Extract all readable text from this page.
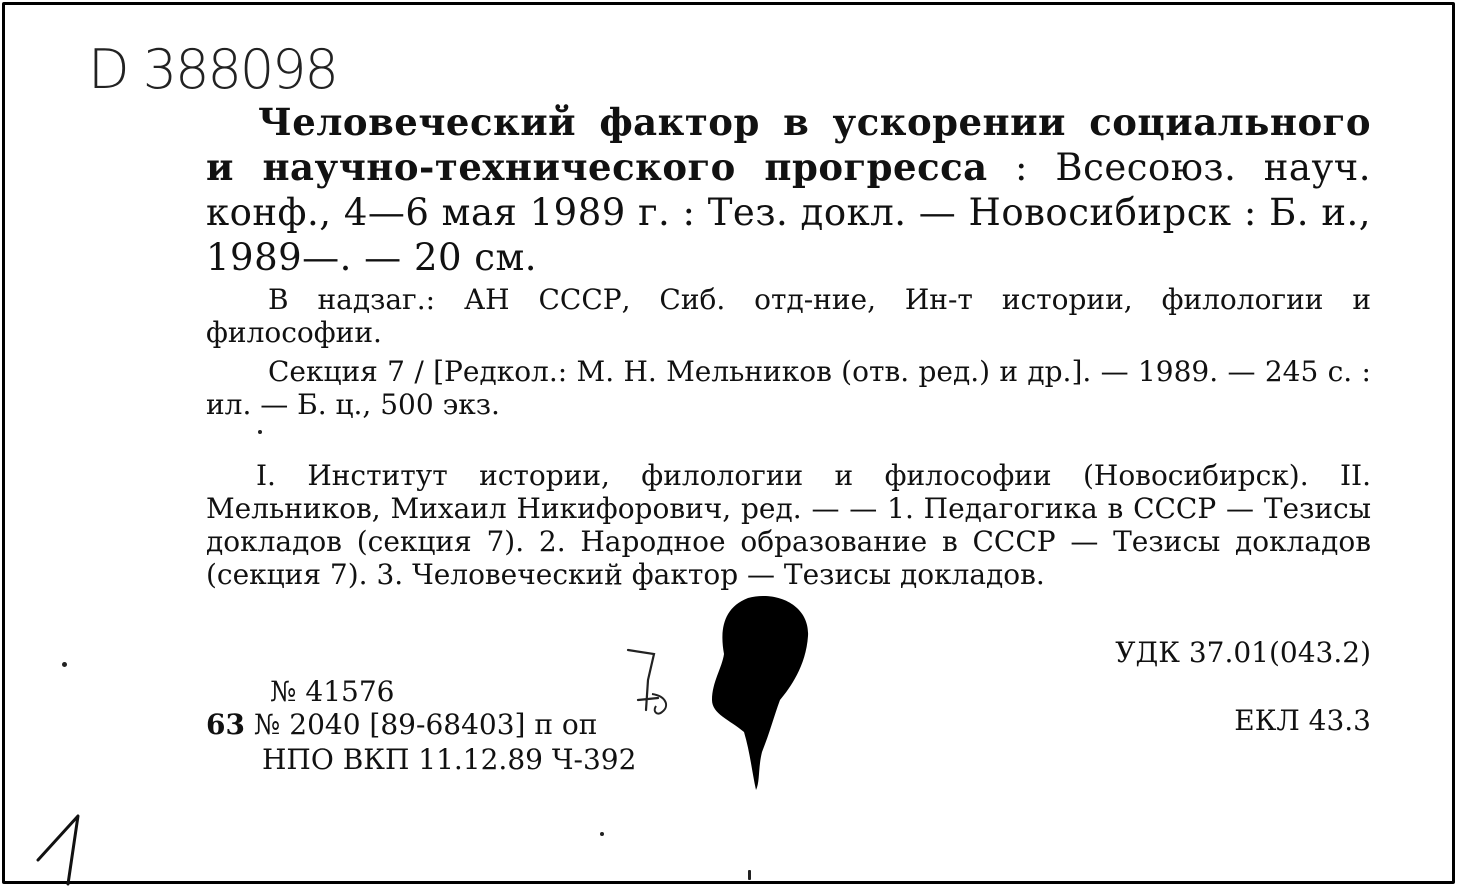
D 388098
Человеческий фактор в ускорении социального и научно-технического прогресса : Всесоюз. науч. конф., 4—6 мая 1989 г. : Тез. докл. — Новосибирск : Б. и., 1989—. — 20 см.
В надзаг.: АН СССР, Сиб. отд-ние, Ин-т истории, филологии и философии.
Секция 7 / [Редкол.: М. Н. Мельников (отв. ред.) и др.]. — 1989. — 245 с. : ил. — Б. ц., 500 экз.
I. Институт истории, филологии и философии (Новосибирск). II. Мельников, Михаил Никифорович, ред. — — 1. Педагогика в СССР — Тезисы докладов (секция 7). 2. Народное образование в СССР — Тезисы докладов (секция 7). 3. Человеческий фактор — Тезисы докладов.
УДК 37.01(043.2)
ЕКЛ 43.3
№ 41576
63 № 2040 [89-68403] п оп
НПО ВКП 11.12.89 Ч-392
